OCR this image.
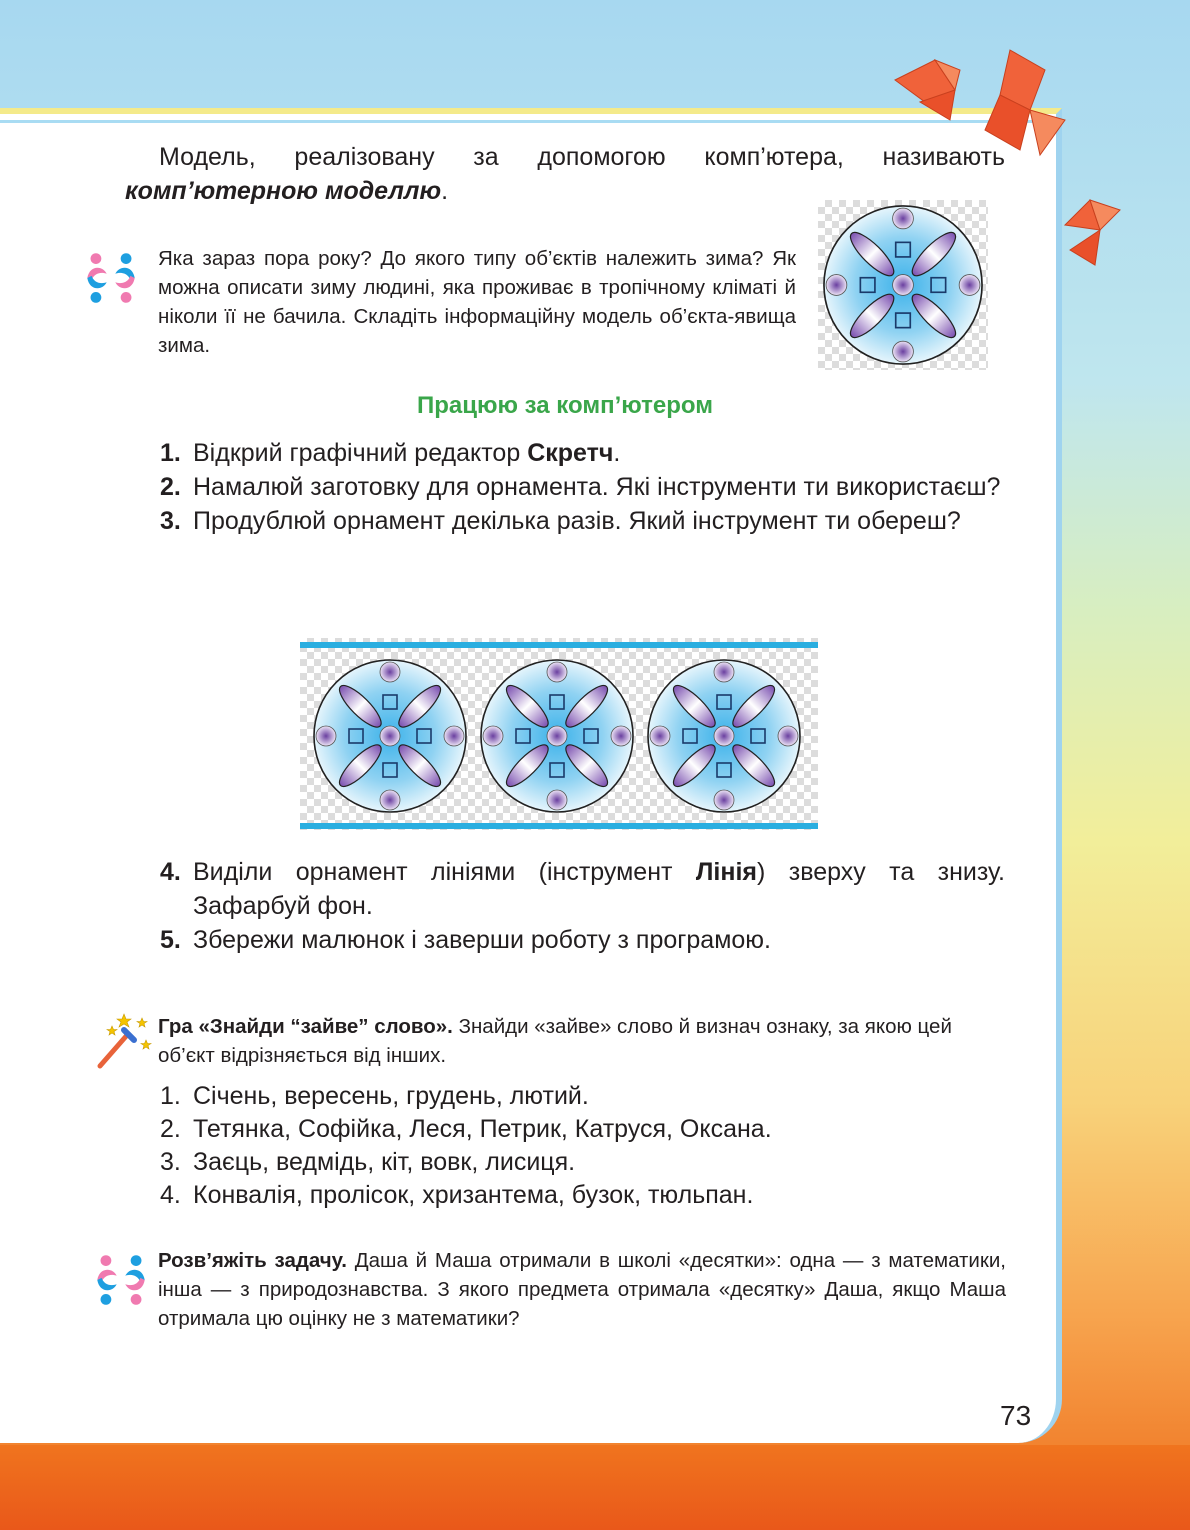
Модель, реалізовану за допомогою комп’ютера, називають комп’ютерною моделлю.

Яка зараз пора року? До якого типу об’єктів належить зима? Як можна описати зиму людині, яка проживає в тропічному кліматі й ніколи її не бачила. Складіть інформаційну модель об’єкта-явища зима.

Працюю за комп’ютером

1. Відкрий графічний редактор Скретч.
2. Намалюй заготовку для орнамента. Які інструменти ти використаєш?
3. Продублюй орнамент декілька разів. Який інструмент ти обереш?
4. Виділи орнамент лініями (інструмент Лінія) зверху та знизу. Зафарбуй фон.
5. Збережи малюнок і заверши роботу з програмою.

Гра «Знайди “зайве” слово». Знайди «зайве» слово й визнач ознаку, за якою цей об’єкт відрізняється від інших.

1. Січень, вересень, грудень, лютий.
2. Тетянка, Софійка, Леся, Петрик, Катруся, Оксана.
3. Заєць, ведмідь, кіт, вовк, лисиця.
4. Конвалія, пролісок, хризантема, бузок, тюльпан.

Розв’яжіть задачу. Даша й Маша отримали в школі «десятки»: одна — з математики, інша — з природознавства. З якого предмета отримала «десятку» Даша, якщо Маша отримала цю оцінку не з математики?

73
